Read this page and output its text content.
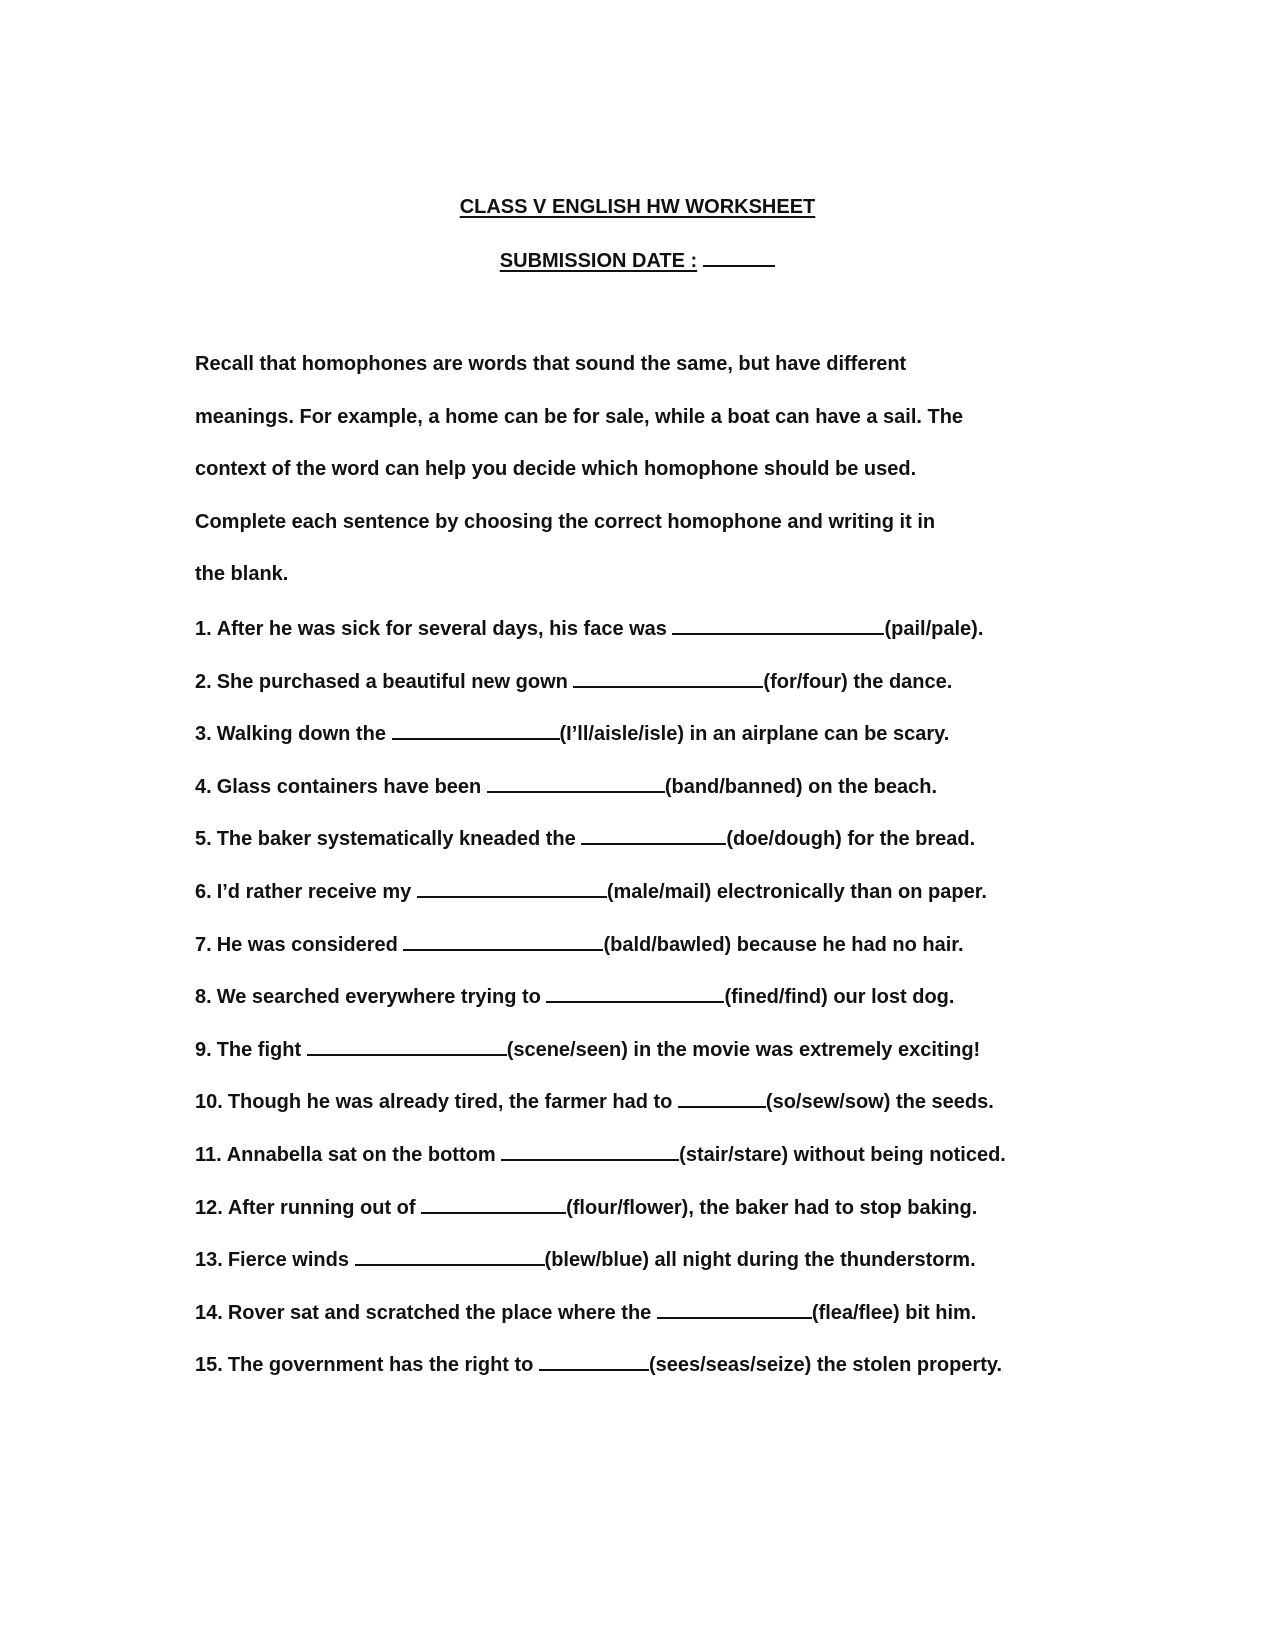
CLASS V ENGLISH HW WORKSHEET
SUBMISSION DATE :
Recall that homophones are words that sound the same, but have different
meanings. For example, a home can be for sale, while a boat can have a sail. The
context of the word can help you decide which homophone should be used.
Complete each sentence by choosing the correct homophone and writing it in
the blank.
1. After he was sick for several days, his face was	(pail/pale).
2. She purchased a beautiful new gown	(for/four) the dance.
3. Walking down the	(I’ll/aisle/isle) in an airplane can be scary.
4. Glass containers have been	(band/banned) on the beach.
5. The baker systematically kneaded the	(doe/dough) for the bread.
6. I’d rather receive my	(male/mail) electronically than on paper.
7. He was considered	(bald/bawled) because he had no hair.
8. We searched everywhere trying to	(fined/find) our lost dog.
9. The fight	(scene/seen) in the movie was extremely exciting!
10. Though he was already tired, the farmer had to	(so/sew/sow) the seeds.
11. Annabella sat on the bottom	(stair/stare) without being noticed.
12. After running out of	(flour/flower), the baker had to stop baking.
13. Fierce winds	(blew/blue) all night during the thunderstorm.
14. Rover sat and scratched the place where the	(flea/flee) bit him.
15. The government has the right to	(sees/seas/seize) the stolen property.
